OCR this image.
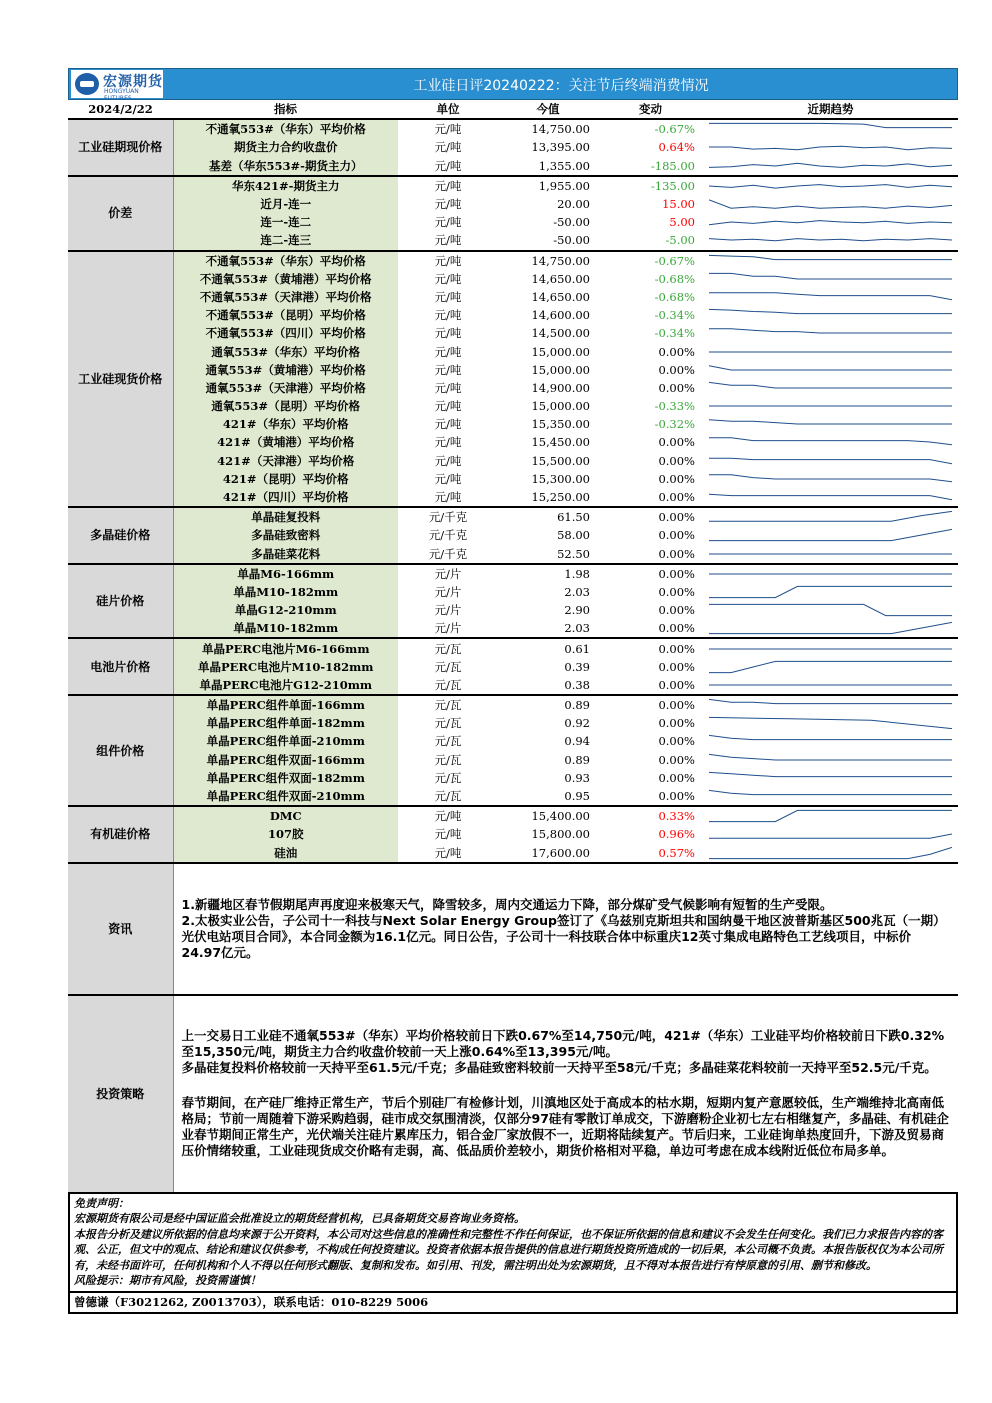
宏源期货
HONGYUAN FUTURES
工业硅日评20240222：关注节后终端消费情况
2024/2/22	指标	单位	今值	变动	近期趋势
工业硅期现价格	不通氧553#（华东）平均价格	元/吨	14,750.00	-0.67%	

	期货主力合约收盘价	元/吨	13,395.00	0.64%	

	基差（华东553#-期货主力）	元/吨	1,355.00	-185.00	

价差	华东421#-期货主力	元/吨	1,955.00	-135.00	

	近月-连一	元/吨	20.00	15.00	

	连一-连二	元/吨	-50.00	5.00	

	连二-连三	元/吨	-50.00	-5.00	

工业硅现货价格	不通氧553#（华东）平均价格	元/吨	14,750.00	-0.67%	

	不通氧553#（黄埔港）平均价格	元/吨	14,650.00	-0.68%	

	不通氧553#（天津港）平均价格	元/吨	14,650.00	-0.68%	

	不通氧553#（昆明）平均价格	元/吨	14,600.00	-0.34%	

	不通氧553#（四川）平均价格	元/吨	14,500.00	-0.34%	

	通氧553#（华东）平均价格	元/吨	15,000.00	0.00%	

	通氧553#（黄埔港）平均价格	元/吨	15,000.00	0.00%	

	通氧553#（天津港）平均价格	元/吨	14,900.00	0.00%	

	通氧553#（昆明）平均价格	元/吨	15,000.00	-0.33%	

	421#（华东）平均价格	元/吨	15,350.00	-0.32%	

	421#（黄埔港）平均价格	元/吨	15,450.00	0.00%	

	421#（天津港）平均价格	元/吨	15,500.00	0.00%	

	421#（昆明）平均价格	元/吨	15,300.00	0.00%	

	421#（四川）平均价格	元/吨	15,250.00	0.00%	

多晶硅价格	单晶硅复投料	元/千克	61.50	0.00%	

	多晶硅致密料	元/千克	58.00	0.00%	

	多晶硅菜花料	元/千克	52.50	0.00%	

硅片价格	单晶M6-166mm	元/片	1.98	0.00%	

	单晶M10-182mm	元/片	2.03	0.00%	

	单晶G12-210mm	元/片	2.90	0.00%	

	单晶M10-182mm	元/片	2.03	0.00%	

电池片价格	单晶PERC电池片M6-166mm	元/瓦	0.61	0.00%	

	单晶PERC电池片M10-182mm	元/瓦	0.39	0.00%	

	单晶PERC电池片G12-210mm	元/瓦	0.38	0.00%	

组件价格	单晶PERC组件单面-166mm	元/瓦	0.89	0.00%	

	单晶PERC组件单面-182mm	元/瓦	0.92	0.00%	

	单晶PERC组件单面-210mm	元/瓦	0.94	0.00%	

	单晶PERC组件双面-166mm	元/瓦	0.89	0.00%	

	单晶PERC组件双面-182mm	元/瓦	0.93	0.00%	

	单晶PERC组件双面-210mm	元/瓦	0.95	0.00%	

有机硅价格	DMC	元/吨	15,400.00	0.33%	

	107胶	元/吨	15,800.00	0.96%	

	硅油	元/吨	17,600.00	0.57%	
资讯	1.新疆地区春节假期尾声再度迎来极寒天气，降雪较多，周内交通运力下降，部分煤矿受气候影响有短暂的生产受限。

2.太极实业公告，子公司十一科技与Next Solar Energy Group签订了《乌兹别克斯坦共和国纳曼干地区波普斯基区500兆瓦（一期）光伏电站项目合同》，本合同金额为16.1亿元。同日公告，子公司十一科技联合体中标重庆12英寸集成电路特色工艺线项目，中标价24.97亿元。

投资策略	上一交易日工业硅不通氧553#（华东）平均价格较前日下跌0.67%至14,750元/吨，421#（华东）工业硅平均价格较前日下跌0.32%至15,350元/吨，期货主力合约收盘价较前一天上涨0.64%至13,395元/吨。

多晶硅复投料价格较前一天持平至61.5元/千克；多晶硅致密料较前一天持平至58元/千克；多晶硅菜花料较前一天持平至52.5元/千克。

春节期间，在产硅厂维持正常生产，节后个别硅厂有检修计划，川滇地区处于高成本的枯水期，短期内复产意愿较低，生产端维持北高南低格局；节前一周随着下游采购趋弱，硅市成交氛围清淡，仅部分97硅有零散订单成交，下游磨粉企业初七左右相继复产，多晶硅、有机硅企业春节期间正常生产，光伏端关注硅片累库压力，铝合金厂家放假不一，近期将陆续复产。节后归来，工业硅询单热度回升，下游及贸易商压价情绪较重，工业硅现货成交价略有走弱，高、低品质价差较小，期货价格相对平稳，单边可考虑在成本线附近低位布局多单。

免责声明：
宏源期货有限公司是经中国证监会批准设立的期货经营机构，已具备期货交易咨询业务资格。
本报告分析及建议所依据的信息均来源于公开资料，本公司对这些信息的准确性和完整性不作任何保证，也不保证所依据的信息和建议不会发生任何变化。我们已力求报告内容的客观、公正，但文中的观点、结论和建议仅供参考，不构成任何投资建议。投资者依据本报告提供的信息进行期货投资所造成的一切后果，本公司概不负责。本报告版权仅为本公司所有，未经书面许可，任何机构和个人不得以任何形式翻版、复制和发布。如引用、刊发，需注明出处为宏源期货，且不得对本报告进行有悖原意的引用、删节和修改。
风险提示：期市有风险，投资需谨慎！
曾德谦（F3021262, Z0013703），联系电话：010-8229 5006
